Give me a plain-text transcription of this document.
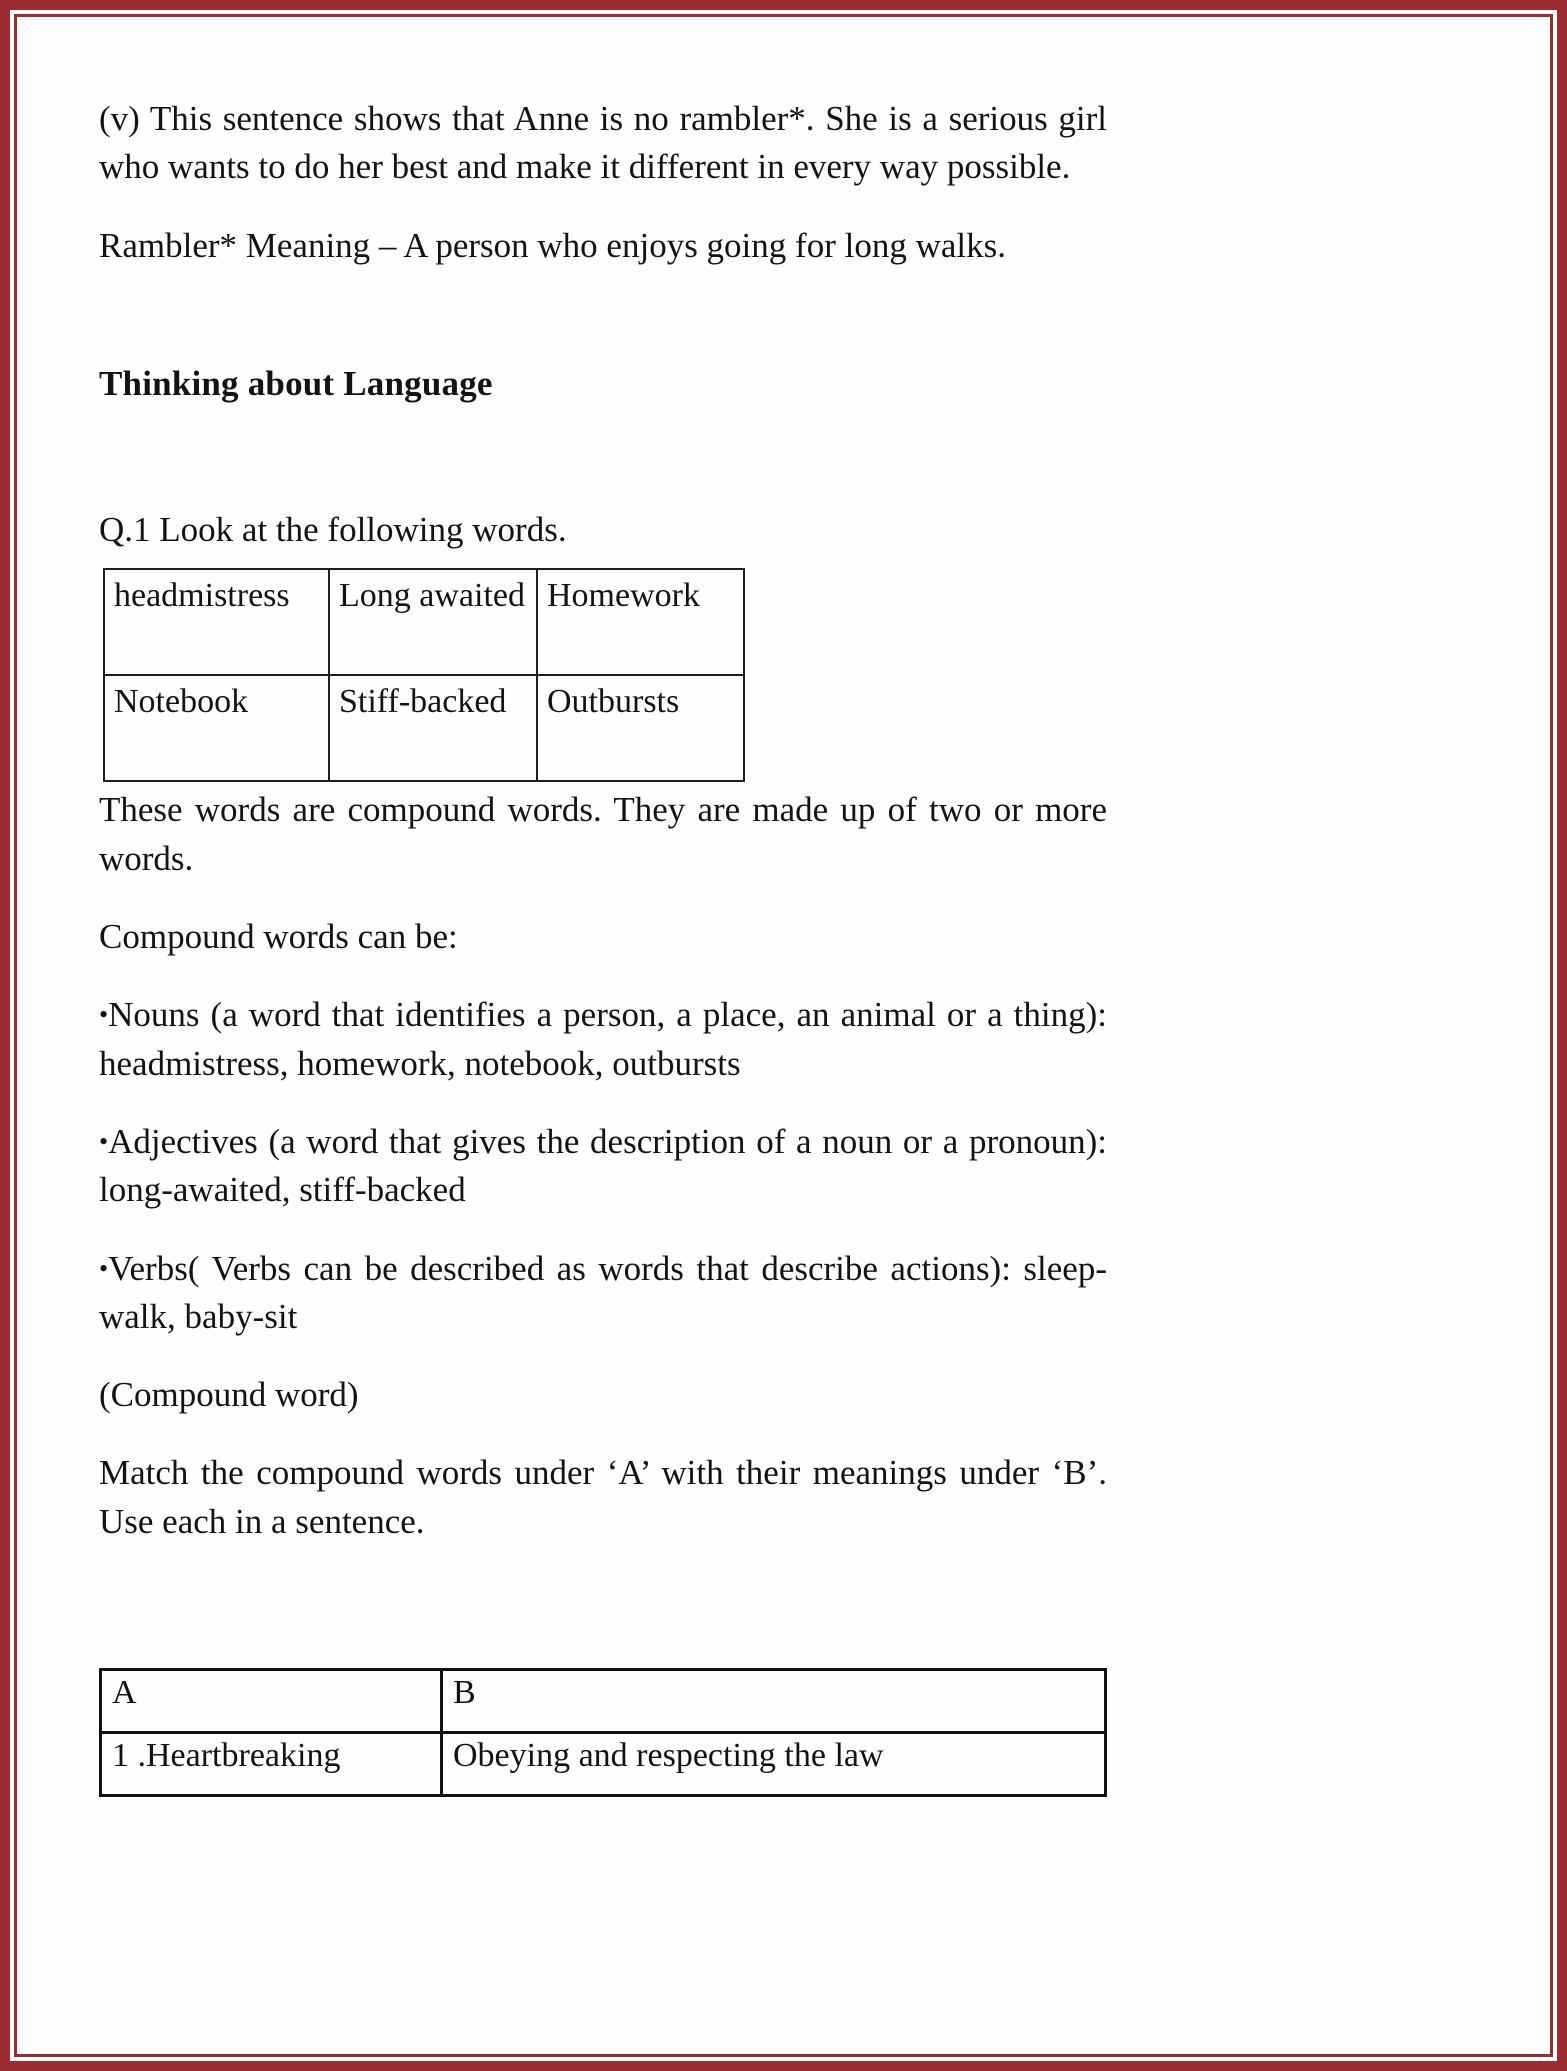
(v) This sentence shows that Anne is no rambler*. She is a serious girl who wants to do her best and make it different in every way possible.

Rambler* Meaning – A person who enjoys going for long walks.

Thinking about Language

Q.1 Look at the following words.

headmistress	Long awaited	Homework
Notebook	Stiff-backed	Outbursts

These words are compound words. They are made up of two or more words.

Compound words can be:

•Nouns (a word that identifies a person, a place, an animal or a thing): headmistress, homework, notebook, outbursts

•Adjectives (a word that gives the description of a noun or a pronoun): long-awaited, stiff-backed

•Verbs( Verbs can be described as words that describe actions): sleep-walk, baby-sit

(Compound word)

Match the compound words under ‘A’ with their meanings under ‘B’. Use each in a sentence.

A	B
1 .Heartbreaking	Obeying and respecting the law
